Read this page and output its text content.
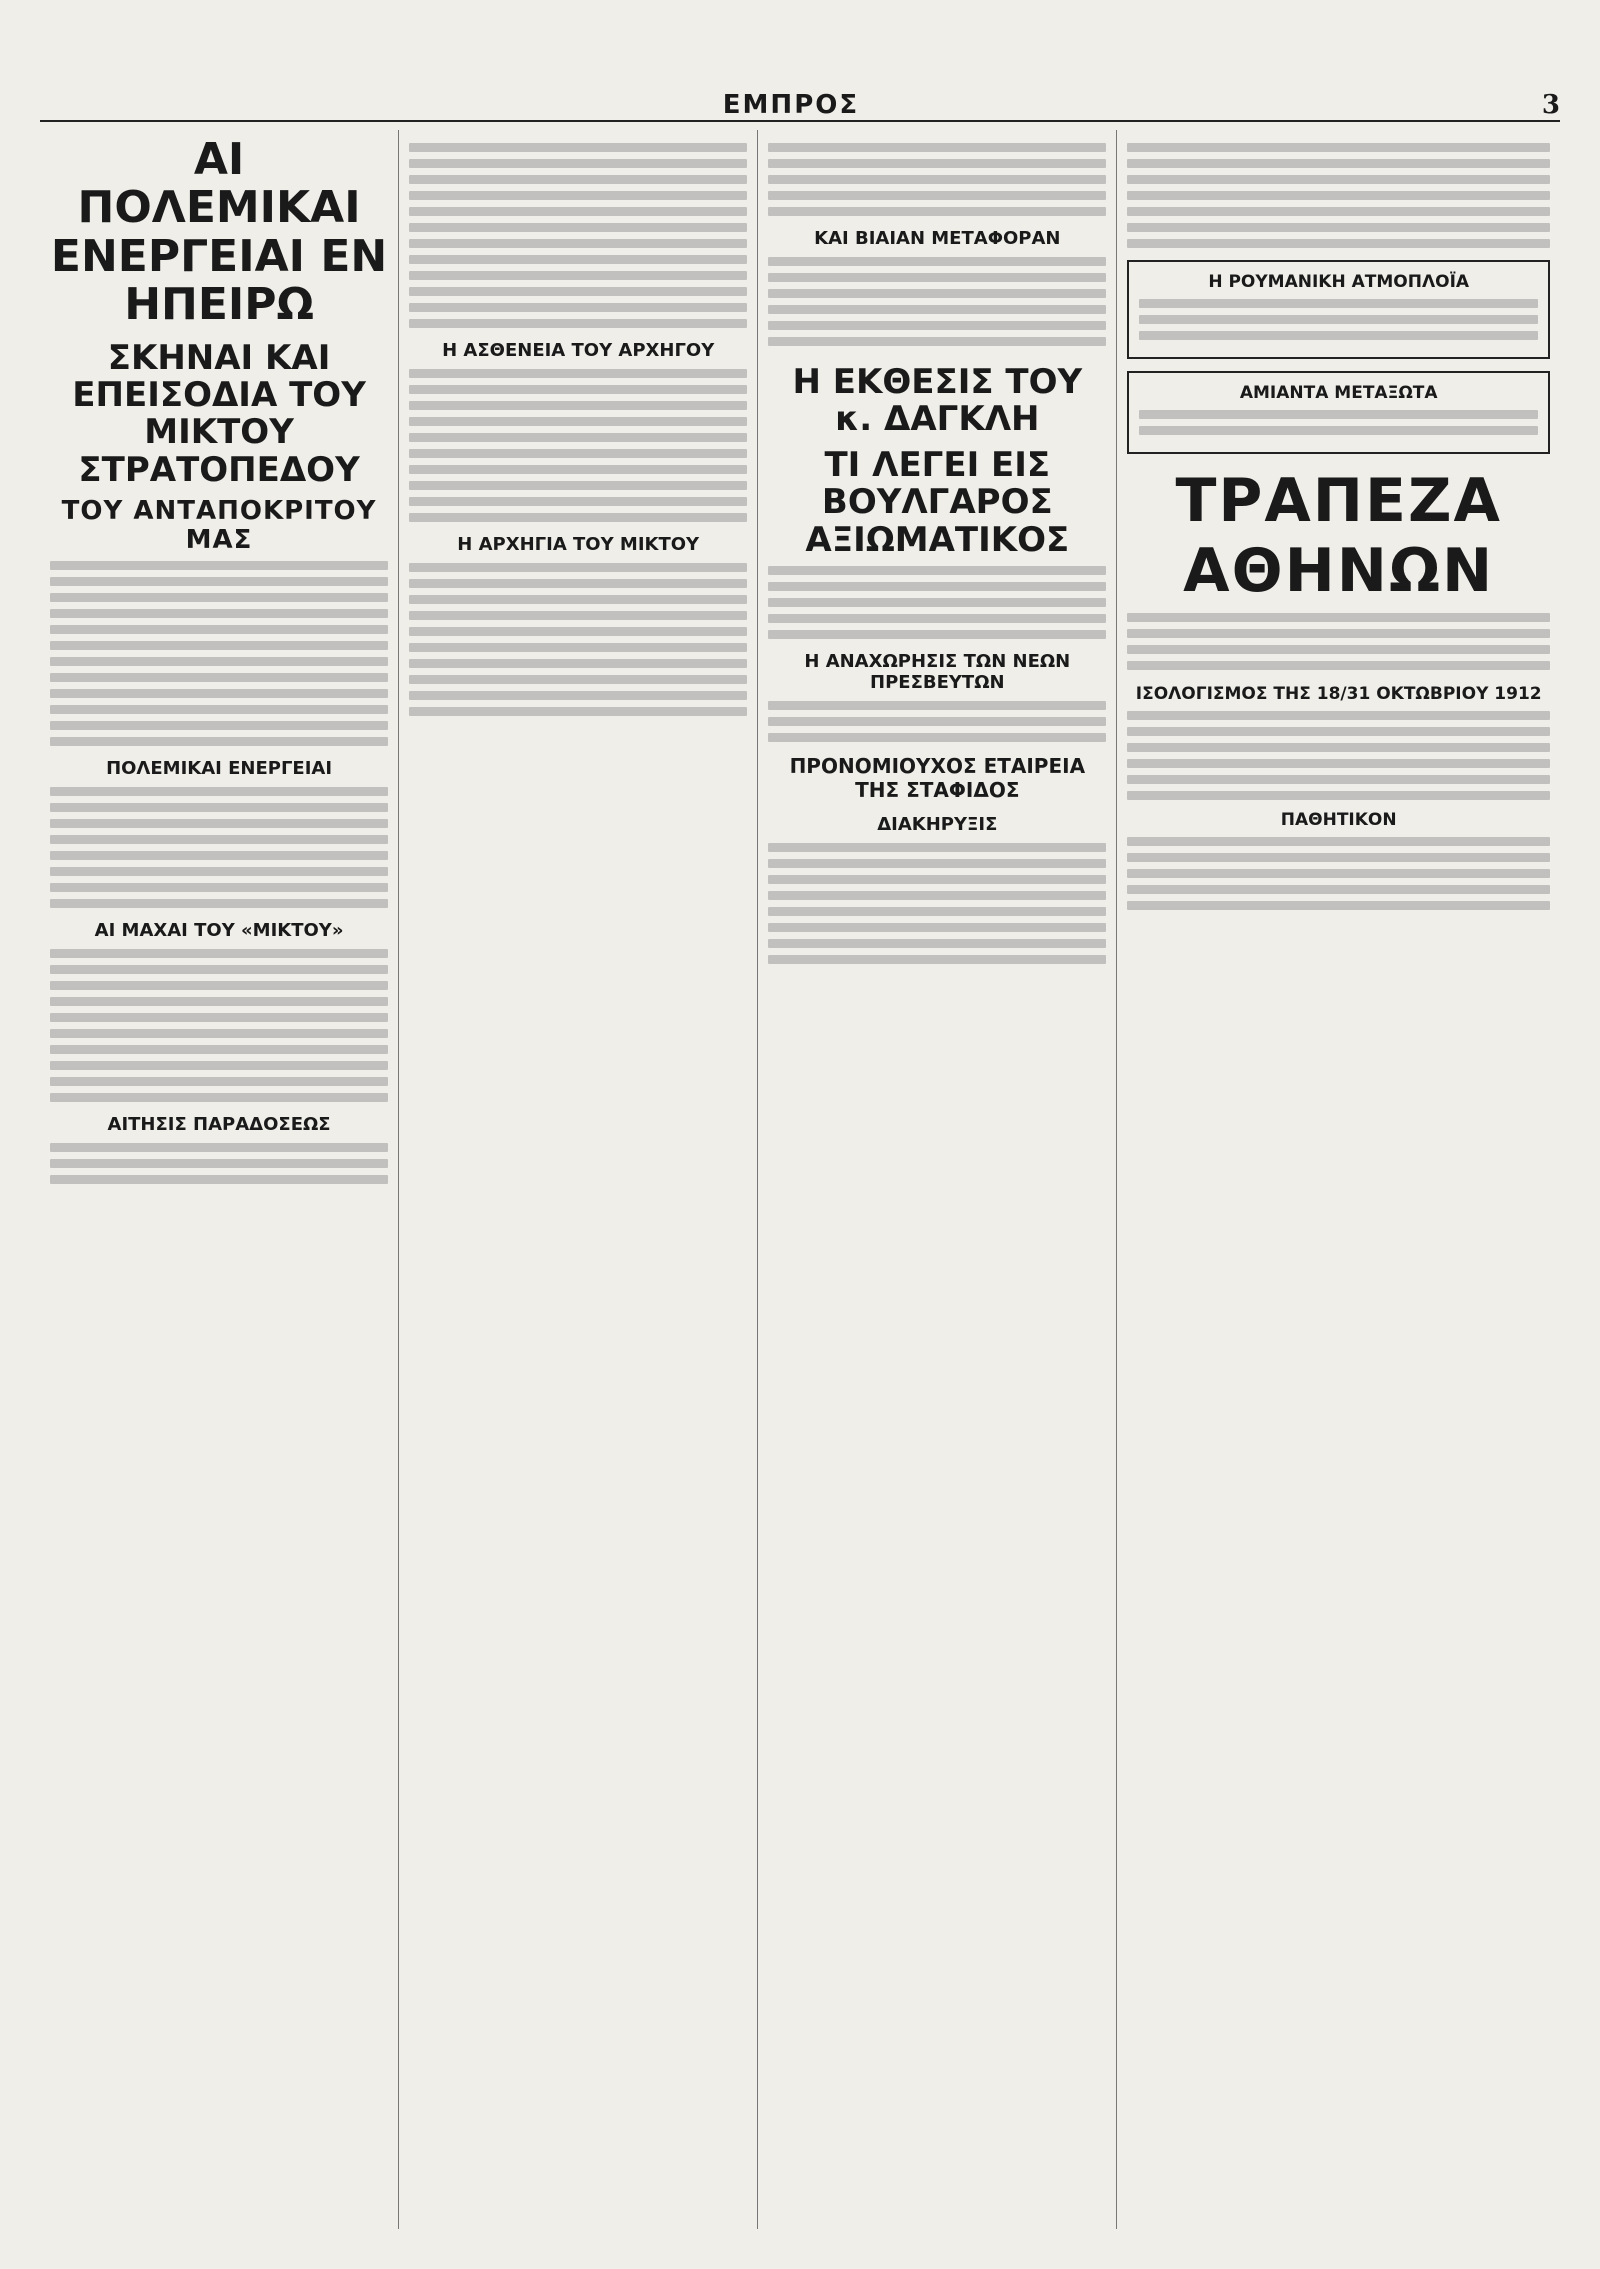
ΕΜΠΡΟΣ	3
ΑΙ ΠΟΛΕΜΙΚΑΙ ΕΝΕΡΓΕΙΑΙ ΕΝ ΗΠΕΙΡΩ
ΣΚΗΝΑΙ ΚΑΙ ΕΠΕΙΣΟΔΙΑ ΤΟΥ ΜΙΚΤΟΥ ΣΤΡΑΤΟΠΕΔΟΥ
ΤΟΥ ΑΝΤΑΠΟΚΡΙΤΟΥ ΜΑΣ
ΠΟΛΕΜΙΚΑΙ ΕΝΕΡΓΕΙΑΙ
ΑΙ ΜΑΧΑΙ ΤΟΥ «ΜΙΚΤΟΥ»
ΑΙΤΗΣΙΣ ΠΑΡΑΔΟΣΕΩΣ
Η ΑΣΘΕΝΕΙΑ ΤΟΥ ΑΡΧΗΓΟΥ
Η ΑΡΧΗΓΙΑ ΤΟΥ ΜΙΚΤΟΥ
ΚΑΙ ΒΙΑΙΑΝ ΜΕΤΑΦΟΡΑΝ
Η ΕΚΘΕΣΙΣ ΤΟΥ κ. ΔΑΓΚΛΗ
ΤΙ ΛΕΓΕΙ ΕΙΣ ΒΟΥΛΓΑΡΟΣ ΑΞΙΩΜΑΤΙΚΟΣ
Η ΑΝΑΧΩΡΗΣΙΣ ΤΩΝ ΝΕΩΝ ΠΡΕΣΒΕΥΤΩΝ
ΠΡΟΝΟΜΙΟΥΧΟΣ ΕΤΑΙΡΕΙΑ ΤΗΣ ΣΤΑΦΙΔΟΣ
ΔΙΑΚΗΡΥΞΙΣ
Η ΡΟΥΜΑΝΙΚΗ ΑΤΜΟΠΛΟΪΑ
ΑΜΙΑΝΤΑ ΜΕΤΑΞΩΤΑ
ΤΡΑΠΕΖΑ ΑΘΗΝΩΝ
ΙΣΟΛΟΓΙΣΜΟΣ ΤΗΣ 18/31 ΟΚΤΩΒΡΙΟΥ 1912
ΠΑΘΗΤΙΚΟΝ
